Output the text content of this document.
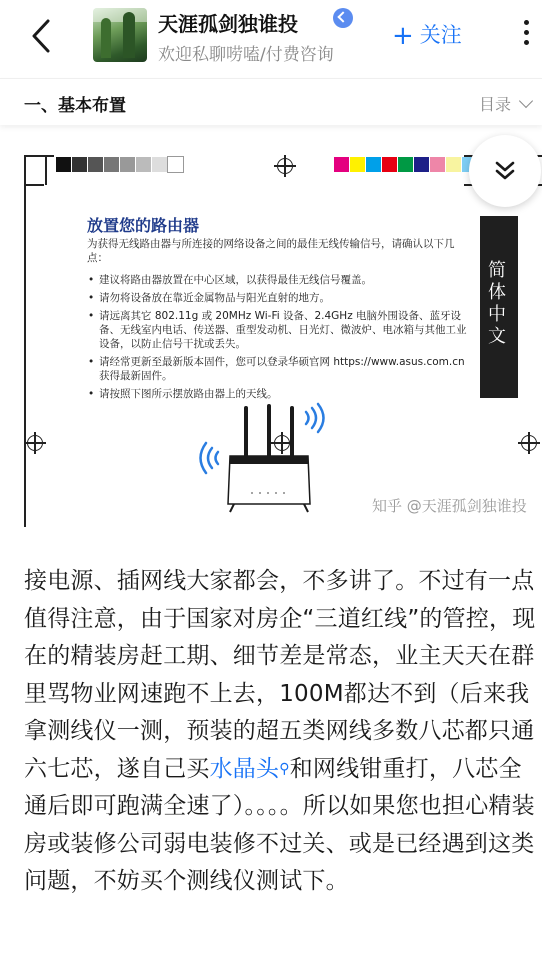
天涯孤剑独谁投
欢迎私聊唠嗑/付费咨询
+ 关注
一、基本布置	目录
放置您的路由器
为获得无线路由器与所连接的网络设备之间的最佳无线传输信号，请确认以下几点：
• 建议将路由器放置在中心区域，以获得最佳无线信号覆盖。
• 请勿将设备放在靠近金属物品与阳光直射的地方。
• 请远离其它 802.11g 或 20MHz Wi-Fi 设备、2.4GHz 电脑外围设备、蓝牙设备、无线室内电话、传送器、重型发动机、日光灯、微波炉、电冰箱与其他工业设备，以防止信号干扰或丢失。
• 请经常更新至最新版本固件，您可以登录华硕官网 https://www.asus.com.cn 获得最新固件。
• 请按照下图所示摆放路由器上的天线。
简体中文
知乎 @天涯孤剑独谁投

接电源、插网线大家都会，不多讲了。不过有一点值得注意，由于国家对房企“三道红线”的管控，现在的精装房赶工期、细节差是常态，业主天天在群里骂物业网速跑不上去，100M都达不到（后来我拿测线仪一测，预装的超五类网线多数八芯都只通六七芯，遂自己买水晶头⚲和网线钳重打，八芯全通后即可跑满全速了）。。。。所以如果您也担心精装房或装修公司弱电装修不过关、或是已经遇到这类问题，不妨买个测线仪测试下。
